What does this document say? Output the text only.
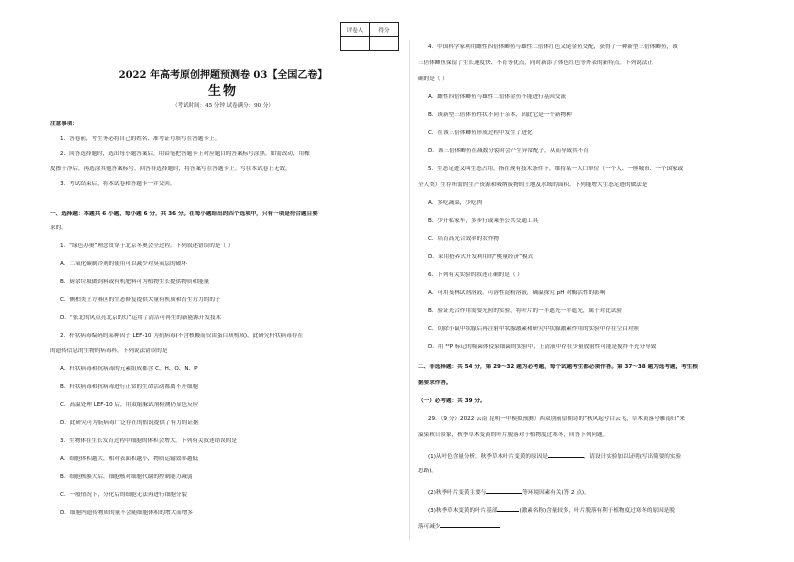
评卷人	得分

2022 年高考原创押题预测卷 03【全国乙卷】
生物
（考试时间：45 分钟 试卷满分：90 分）
注意事项：
1．答卷前，考生务必将自己的姓名、准考证号填写在答题卡上。
2．回答选择题时，选出每小题答案后，用铅笔把答题卡上对应题目的答案标号涂黑。如需改动，用橡
皮擦干净后，再选涂其他答案标号。回答非选择题时，将答案写在答题卡上。写在本试卷上无效。
3．考试结束后，将本试卷和答题卡一并交回。
一、选择题：本题共 6 小题，每小题 6 分，共 36 分。在每小题给出的四个选项中，只有一项是符合题目要
求的。
1．“绿色办奥”理念贯穿于北京冬奥会全过程。下列叙述错误的是（ ）
A．二氧化碳制冷剂的使用可以减少对臭氧层的破坏
B．厨余垃圾做饲料或有机肥料可为植物生长提供物质和能量
C．侧柏类土方赛区的生态修复提供大量有机质和育生方力的的子
D．“张北的风点亮北京的灯”运用了清洁可再生的新能源开发技术
2．杆状病毒编码的某种因子 LEF-10 为抗病毒(不含核酸而仅由蛋白质构成)，此研究杆状病毒存在
的遗传信息的生物的病毒科。下列说法错误的是
A．杆状病毒和抗病毒的元素组成都含 C、H、O、N、P
B．杆状病毒和抗病毒进行正常的生命活动都离不开细胞
C．高温处理 LEF-10 后，用双缩脲试剂检测仍显色反应
D．此研究可为朊病毒广泛存在的假说提供了有力的证据
3．生物体在生长发育过程中细胞的体积会增大。下列有关叙述错误的是
A．细胞体积越大，相对表面积越小，物质运输效率越低
B．细胞核膜大后，细胞核对细胞代谢的控制能力减弱
C．一般情况下，分化后的细胞无法再进行细胞分裂
D．细胞内遗传物质的量不会随细胞体积的增大而增多
4．中国科学家利用雌性四倍体鲫鱼与雄性二倍体红色又尾金鱼交配，获得了一种新型三倍体鲫鱼，该
三倍体鲫鱼保留了生长速度快、不育等优点，同时新添了体色红色等外表的新特点。下列说法正
确的是（ ）
A．雌性四倍体鲫鱼与雄性二倍体金鱼不能进行基因交流
B．该新型三倍体鱼性状不同于亲本，因此它是一个新物种
C．在该三倍体鲫鱼形成过程中发生了进化
D．该三倍体鲫鱼在减数分裂时会产生异常配子，从而导致其不育
5．生态足迹又叫生态占用，指在现有技术条件下，维持某一人口单位（一个人、一座城市、一个国家或
全人类）生存所需的生产资源和吸纳废物的土地及水域的面积。下列能增大生态足迹的做法是
A．多吃蔬菜，少吃肉
B．少开私家车，多步行或乘坐公共交通工具
C．培育高光合效率的农作物
D．采用搭养式开发利用的“桃量经济”模式
6．下列有关实验的叙述正确的是（ ）
A．可用斐林试剂溶液，可溶性淀粉溶液，确温探究 pH 对酶活性的影响
B．验证光合作用需要光照的实验，将叶片的一半遮光一半遮光，属于对比试验
C．切除小鼠甲状腺后再注射甲状腺激素和研究甲状腺激素作用的实验中存在空白对照
D．用 ³²P 标记的噬菌体侵染细菌的实验中，上清液中存在少量放射性可能是搅拌不充分导致
二、非选择题：共 54 分，第 29～32 题为必考题，每个试题考生都必须作答。第 37～38 题为选考题，考生根
据要求作答。
（一）必考题：共 39 分。
29．（9 分）2022 云南 昆明一中模拟预测）西双别前留佣诗的“秋风起兮白云飞，草木黄落兮雁南归”来
溢染秋日景象，秋季草木变黄的叶片脱落对于植物度过寒冬，回答下列问题。
(1)从叶色含量分析，秋季草木叶片变黄的原因是	，请设计实验加以证明(写出简要的实验
思路)。
(2)秋季叶片变黄主要与	等环境因素有关(答 2 点)。
(3)秋季草木变黄的叶片基部	(激素名称)含量较多，叶片脱落有利于植物度过寒冬的原因是脱
落可减少
